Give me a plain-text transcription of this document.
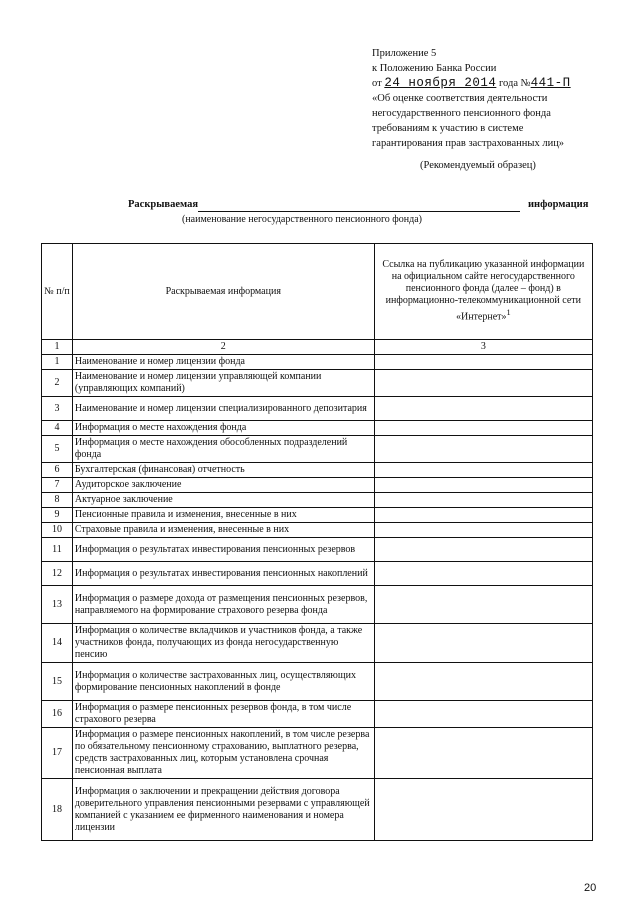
Приложение 5
к Положению Банка России
от 24 ноября 2014 года №441-П
«Об оценке соответствия деятельности
негосударственного пенсионного фонда
требованиям к участию в системе
гарантирования прав застрахованных лиц»
(Рекомендуемый образец)
Раскрываемая	информация
(наименование негосударственного пенсионного фонда)
№ п/п	Раскрываемая информация	Ссылка на публикацию указанной информации на официальном сайте негосударственного пенсионного фонда (далее – фонд) в информационно-телекоммуникационной сети «Интернет»$^1$
1	2	3
1	Наименование и номер лицензии фонда	
2	Наименование и номер лицензии управляющей компании (управляющих компаний)	
3	Наименование и номер лицензии специализированного депозитария	
4	Информация о месте нахождения фонда	
5	Информация о месте нахождения обособленных подразделений фонда	
6	Бухгалтерская (финансовая) отчетность	
7	Аудиторское заключение	
8	Актуарное заключение	
9	Пенсионные правила и изменения, внесенные в них	
10	Страховые правила и изменения, внесенные в них	
11	Информация о результатах инвестирования пенсионных резервов	
12	Информация о результатах инвестирования пенсионных накоплений	
13	Информация о размере дохода от размещения пенсионных резервов, направляемого на формирование страхового резерва фонда	
14	Информация о количестве вкладчиков и участников фонда, а также участников фонда, получающих из фонда негосударственную пенсию	
15	Информация о количестве застрахованных лиц, осуществляющих формирование пенсионных накоплений в фонде	
16	Информация о размере пенсионных резервов фонда, в том числе страхового резерва	
17	Информация о размере пенсионных накоплений, в том числе резерва по обязательному пенсионному страхованию, выплатного резерва, средств застрахованных лиц, которым установлена срочная пенсионная выплата	
18	Информация о заключении и прекращении действия договора доверительного управления пенсионными резервами с управляющей компанией с указанием ее фирменного наименования и номера лицензии	
20
